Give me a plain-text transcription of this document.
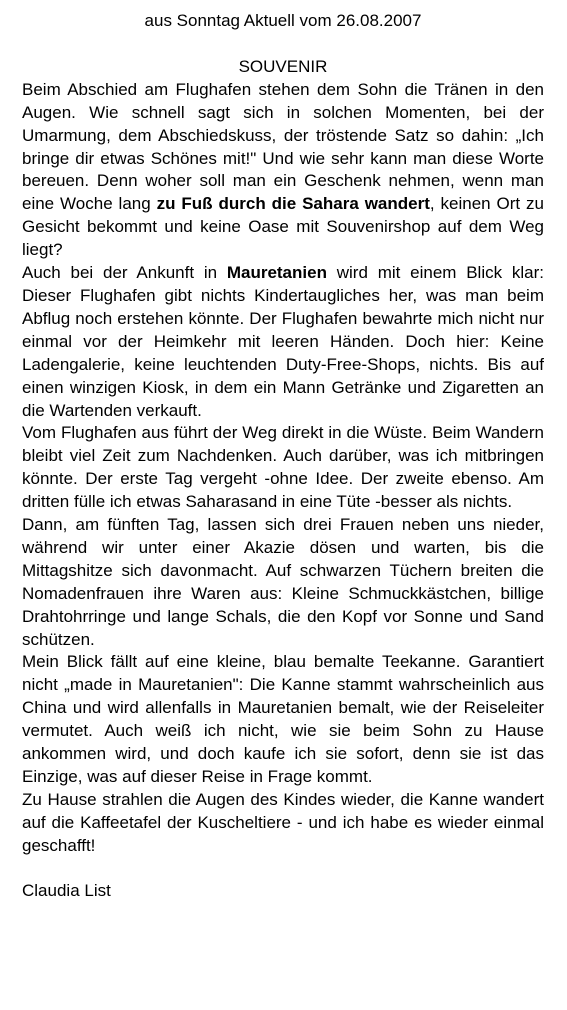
aus Sonntag Aktuell vom 26.08.2007

SOUVENIR

Beim Abschied am Flughafen stehen dem Sohn die Tränen in den Augen. Wie schnell sagt sich in solchen Momenten, bei der Umarmung, dem Abschiedskuss, der tröstende Satz so dahin: „Ich bringe dir etwas Schönes mit!" Und wie sehr kann man diese Worte bereuen. Denn woher soll man ein Geschenk nehmen, wenn man eine Woche lang zu Fuß durch die Sahara wandert, keinen Ort zu Gesicht bekommt und keine Oase mit Souvenirshop auf dem Weg liegt?

Auch bei der Ankunft in Mauretanien wird mit einem Blick klar: Dieser Flughafen gibt nichts Kindertaugliches her, was man beim Abflug noch erstehen könnte. Der Flughafen bewahrte mich nicht nur einmal vor der Heimkehr mit leeren Händen. Doch hier: Keine Ladengalerie, keine leuchtenden Duty-Free-Shops, nichts. Bis auf einen winzigen Kiosk, in dem ein Mann Getränke und Zigaretten an die Wartenden verkauft.

Vom Flughafen aus führt der Weg direkt in die Wüste. Beim Wandern bleibt viel Zeit zum Nachdenken. Auch darüber, was ich mitbringen könnte. Der erste Tag vergeht -ohne Idee. Der zweite ebenso. Am dritten fülle ich etwas Saharasand in eine Tüte -besser als nichts.

Dann, am fünften Tag, lassen sich drei Frauen neben uns nieder, während wir unter einer Akazie dösen und warten, bis die Mittagshitze sich davonmacht. Auf schwarzen Tüchern breiten die Nomadenfrauen ihre Waren aus: Kleine Schmuckkästchen, billige Drahtohrringe und lange Schals, die den Kopf vor Sonne und Sand schützen.

Mein Blick fällt auf eine kleine, blau bemalte Teekanne. Garantiert nicht „made in Mauretanien": Die Kanne stammt wahrscheinlich aus China und wird allenfalls in Mauretanien bemalt, wie der Reiseleiter vermutet. Auch weiß ich nicht, wie sie beim Sohn zu Hause ankommen wird, und doch kaufe ich sie sofort, denn sie ist das Einzige, was auf dieser Reise in Frage kommt.

Zu Hause strahlen die Augen des Kindes wieder, die Kanne wandert auf die Kaffeetafel der Kuscheltiere - und ich habe es wieder einmal geschafft!

Claudia List
